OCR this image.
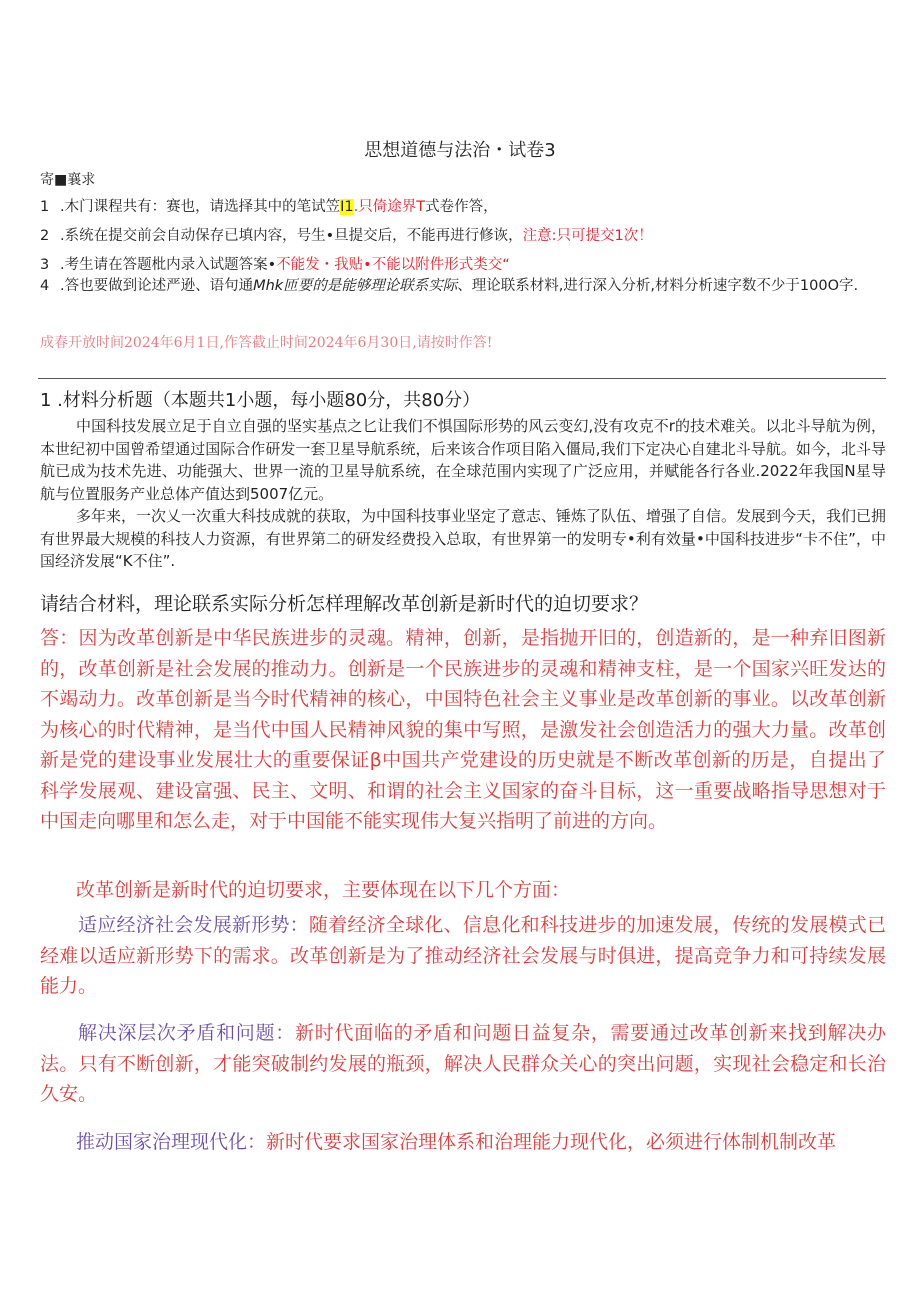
思想道德与法治・试卷3
寄■襄求
1 .木门课程共有：赛也，请选择其中的笔试笠I1.只倚途界T式卷作答，
2 .系统在提交前会自动保存已填内容，号生•旦提交后，不能再进行修诙，注意:只可提交1次！
3 .考生请在答题枇内录入试题答案•不能发・我贴•不能以附件形式类交“
4 .答也要做到论述严逊、语句通Mhk匝要的是能够理论联系实际、理论联系材料,进行深入分析,材料分析速字数不少于100O字.
成春开放时间2024年6月1日,作答截止时间2024年6月30日,请按时作答!
1 .材料分析题（本题共1小题，每小题80分，共80分）

中国科技发展立足于自立自强的坚实基点之匕让我们不惧国际形势的风云变幻,没有攻克不r的技术难关。以北斗导航为例，本世纪初中国曾希望通过国际合作研发一套卫星导航系统，后来该合作项目陷入僵局,我们下定决心自建北斗导航。如今，北斗导航已成为技术先进、功能强大、世界一流的卫星导航系统，在全球范围内实现了广泛应用，并赋能各行各业.2022年我国N星导航与位置服务产业总体产值达到5007亿元。

多年来，一次乂一次重大科技成就的获取，为中国科技事业坚定了意志、锤炼了队伍、增强了自信。发展到今天，我们已拥有世界最大规模的科技人力资源，有世界第二的研发经费投入总取，有世界第一的发明专•利有效量•中国科技进步“卡不住”，中国经济发展“K不住”.

请结合材料，理论联系实际分析怎样理解改革创新是新时代的迫切要求？
答：因为改革创新是中华民族进步的灵魂。精神，创新，是指抛开旧的，创造新的，是一种弃旧图新的，改革创新是社会发展的推动力。创新是一个民族进步的灵魂和精神支柱，是一个国家兴旺发达的不竭动力。改革创新是当今时代精神的核心，中国特色社会主义事业是改革创新的事业。以改革创新为核心的时代精神，是当代中国人民精神风貌的集中写照，是激发社会创造活力的强大力量。改革创新是党的建设事业发展壮大的重要保证β中国共产党建设的历史就是不断改革创新的历是，自提出了科学发展观、建设富强、民主、文明、和谓的社会主义国家的奋斗目标，这一重要战略指导思想对于中国走向哪里和怎么走，对于中国能不能实现伟大复兴指明了前进的方向。
改革创新是新时代的迫切要求，主要体现在以下几个方面：
适应经济社会发展新形势：随着经济全球化、信息化和科技进步的加速发展，传统的发展模式已经难以适应新形势下的需求。改革创新是为了推动经济社会发展与时俱进，提高竞争力和可持续发展能力。
解决深层次矛盾和问题：新时代面临的矛盾和问题日益复杂，需要通过改革创新来找到解决办法。只有不断创新，才能突破制约发展的瓶颈，解决人民群众关心的突出问题，实现社会稳定和长治久安。
推动国家治理现代化：新时代要求国家治理体系和治理能力现代化，必须进行体制机制改革
